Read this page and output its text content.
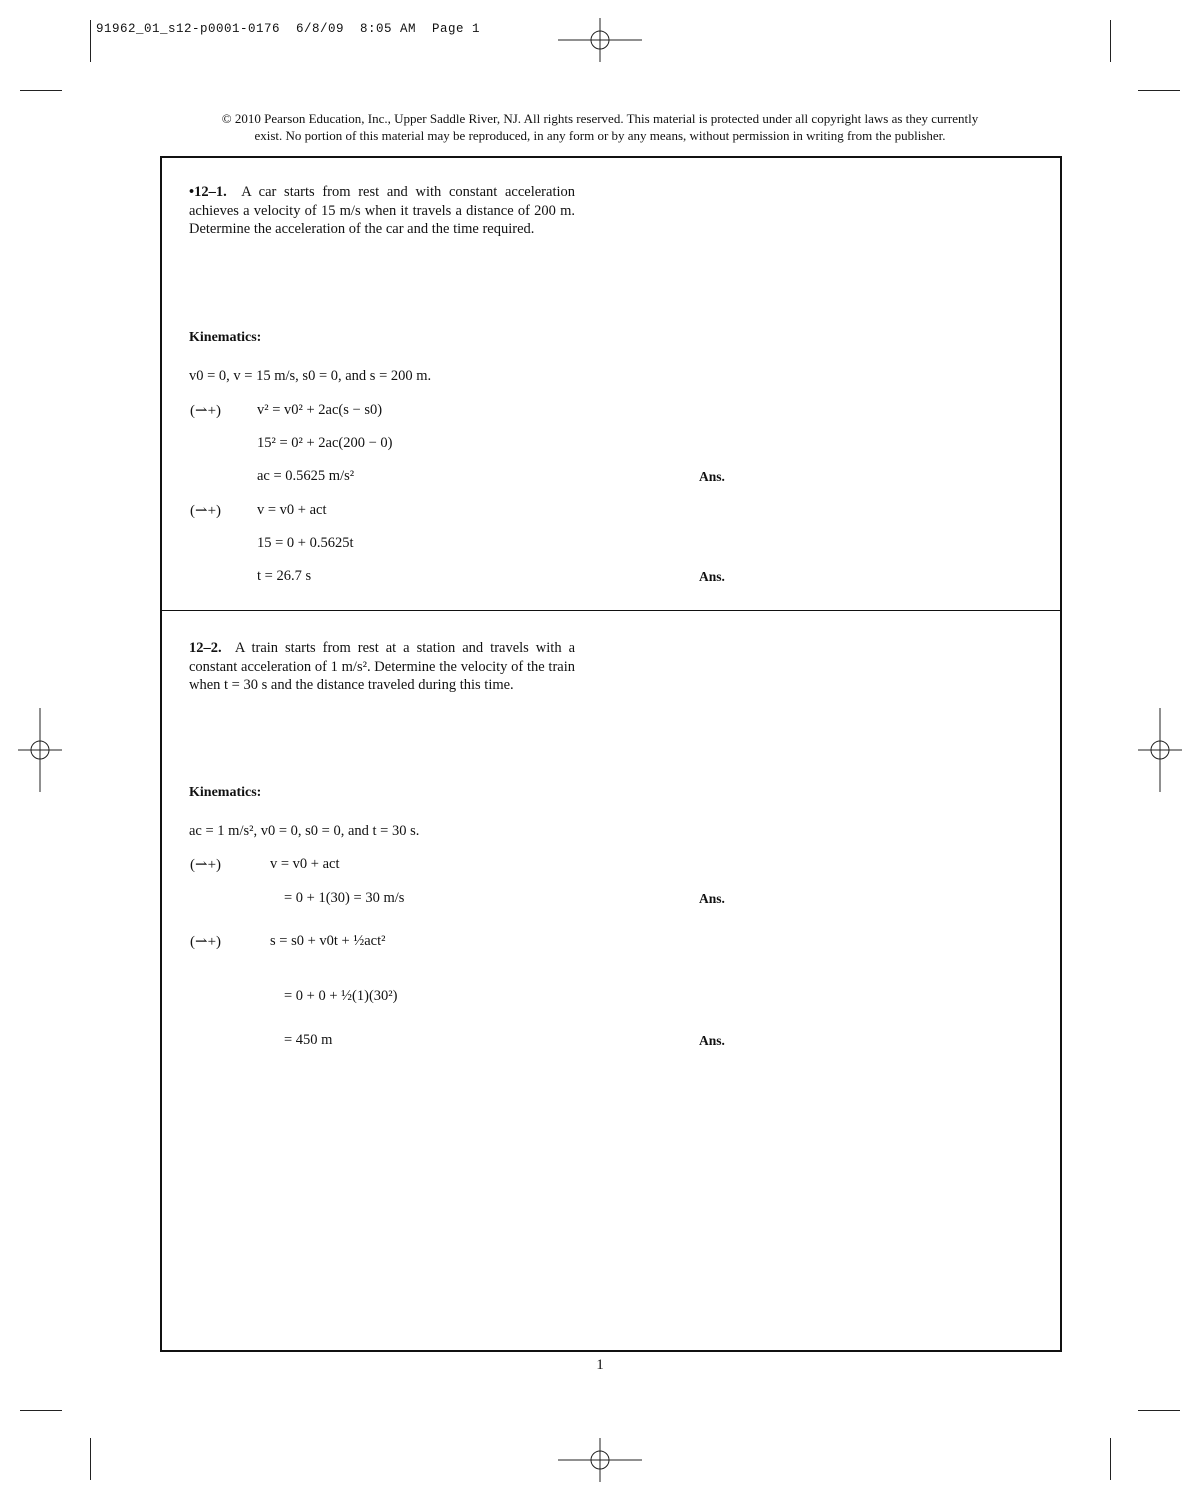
91962_01_s12-p0001-0176  6/8/09  8:05 AM  Page 1
© 2010 Pearson Education, Inc., Upper Saddle River, NJ. All rights reserved. This material is protected under all copyright laws as they currently
exist. No portion of this material may be reproduced, in any form or by any means, without permission in writing from the publisher.
•12–1. A car starts from rest and with constant acceleration achieves a velocity of 15 m/s when it travels a distance of 200 m. Determine the acceleration of the car and the time required.
Kinematics:
v0 = 0, v = 15 m/s, s0 = 0, and s = 200 m.
(⇀+) v² = v0² + 2ac(s − s0)
15² = 0² + 2ac(200 − 0)
ac = 0.5625 m/s²	Ans.
(⇀+) v = v0 + act
15 = 0 + 0.5625t
t = 26.7 s	Ans.
12–2. A train starts from rest at a station and travels with a constant acceleration of 1 m/s². Determine the velocity of the train when t = 30 s and the distance traveled during this time.
Kinematics:
ac = 1 m/s², v0 = 0, s0 = 0, and t = 30 s.
(⇀+)	v = v0 + act
= 0 + 1(30) = 30 m/s	Ans.
(⇀+)	s = s0 + v0t + ½act²
= 0 + 0 + ½(1)(30²)
= 450 m	Ans.
1
